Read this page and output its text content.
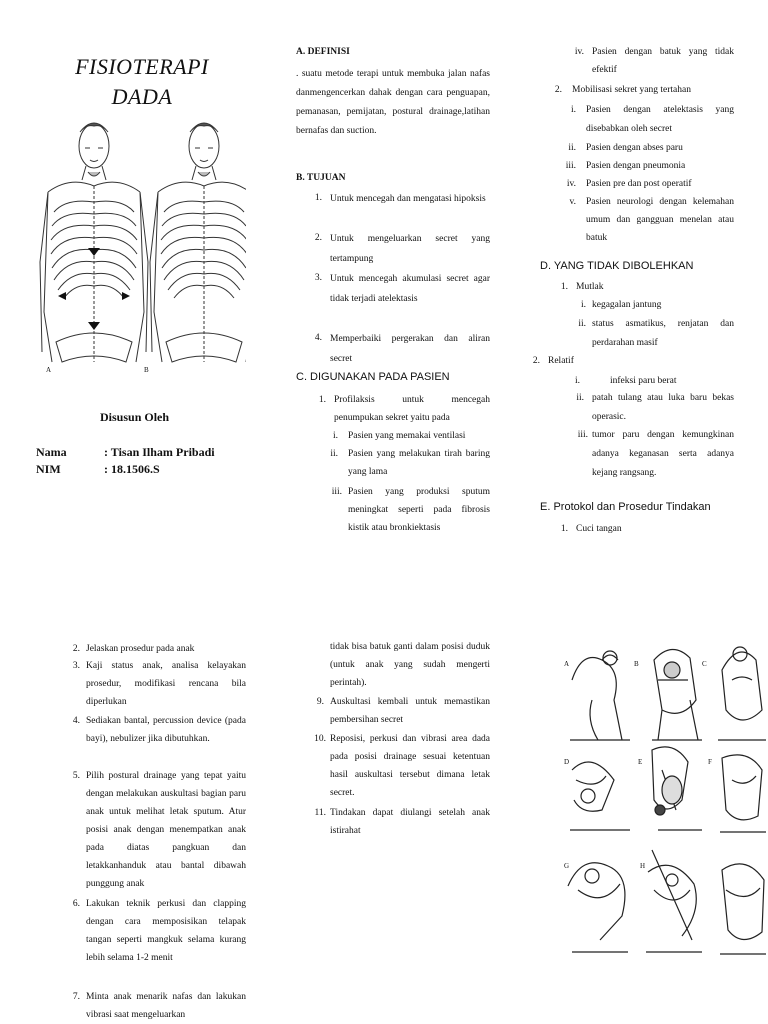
FISIOTERAPI
DADA
A	B
Disusun Oleh
Nama	: Tisan Ilham Pribadi
NIM	: 18.1506.S
A. DEFINISI
. suatu metode terapi untuk membuka jalan nafas danmengencerkan dahak dengan cara penguapan, pemanasan, pemijatan, postural drainage,latihan bernafas dan suction.
B. TUJUAN
1. Untuk mencegah dan mengatasi hipoksis
2. Untuk mengeluarkan secret yang tertampung
3. Untuk mencegah akumulasi secret agar tidak terjadi atelektasis
4. Memperbaiki pergerakan dan aliran secret
C. DIGUNAKAN PADA PASIEN
1. Profilaksis untuk mencegah penumpukan sekret yaitu pada
i. Pasien yang memakai ventilasi
ii. Pasien yang melakukan tirah baring yang lama
iii. Pasien yang produksi sputum meningkat seperti pada fibrosis kistik atau bronkiektasis
iv. Pasien dengan batuk yang tidak efektif
2. Mobilisasi sekret yang tertahan
i. Pasien dengan atelektasis yang disebabkan oleh secret
ii. Pasien dengan abses paru
iii. Pasien dengan pneumonia
iv. Pasien pre dan post operatif
v. Pasien neurologi dengan kelemahan umum dan gangguan menelan atau batuk
D. YANG TIDAK DIBOLEHKAN
1. Mutlak
i. kegagalan jantung
ii. status asmatikus, renjatan dan perdarahan masif
2. Relatif
i.	infeksi paru berat
ii. patah tulang atau luka baru bekas operasic.
iii. tumor paru dengan kemungkinan adanya keganasan serta adanya kejang rangsang.
E. Protokol dan Prosedur Tindakan
1. Cuci tangan
2. Jelaskan prosedur pada anak
3. Kaji status anak, analisa kelayakan prosedur, modifikasi rencana bila diperlukan
4. Sediakan bantal, percussion device (pada bayi), nebulizer jika dibutuhkan.
5. Pilih postural drainage yang tepat yaitu dengan melakukan auskultasi bagian paru anak untuk melihat letak sputum. Atur posisi anak dengan menempatkan anak pada diatas pangkuan dan letakkanhanduk atau bantal dibawah punggung anak
6. Lakukan teknik perkusi dan clapping dengan cara memposisikan telapak tangan seperti mangkuk selama kurang lebih selama 1-2 menit
7. Minta anak menarik nafas dan lakukan vibrasi saat mengeluarkan
tidak bisa batuk ganti dalam posisi duduk (untuk anak yang sudah mengerti perintah).
9. Auskultasi kembali untuk memastikan pembersihan secret
10. Reposisi, perkusi dan vibrasi area dada pada posisi drainage sesuai ketentuan hasil auskultasi tersebut dimana letak secret.
11. Tindakan dapat diulangi setelah anak istirahat
A	B	C
D	E	F
G	H
